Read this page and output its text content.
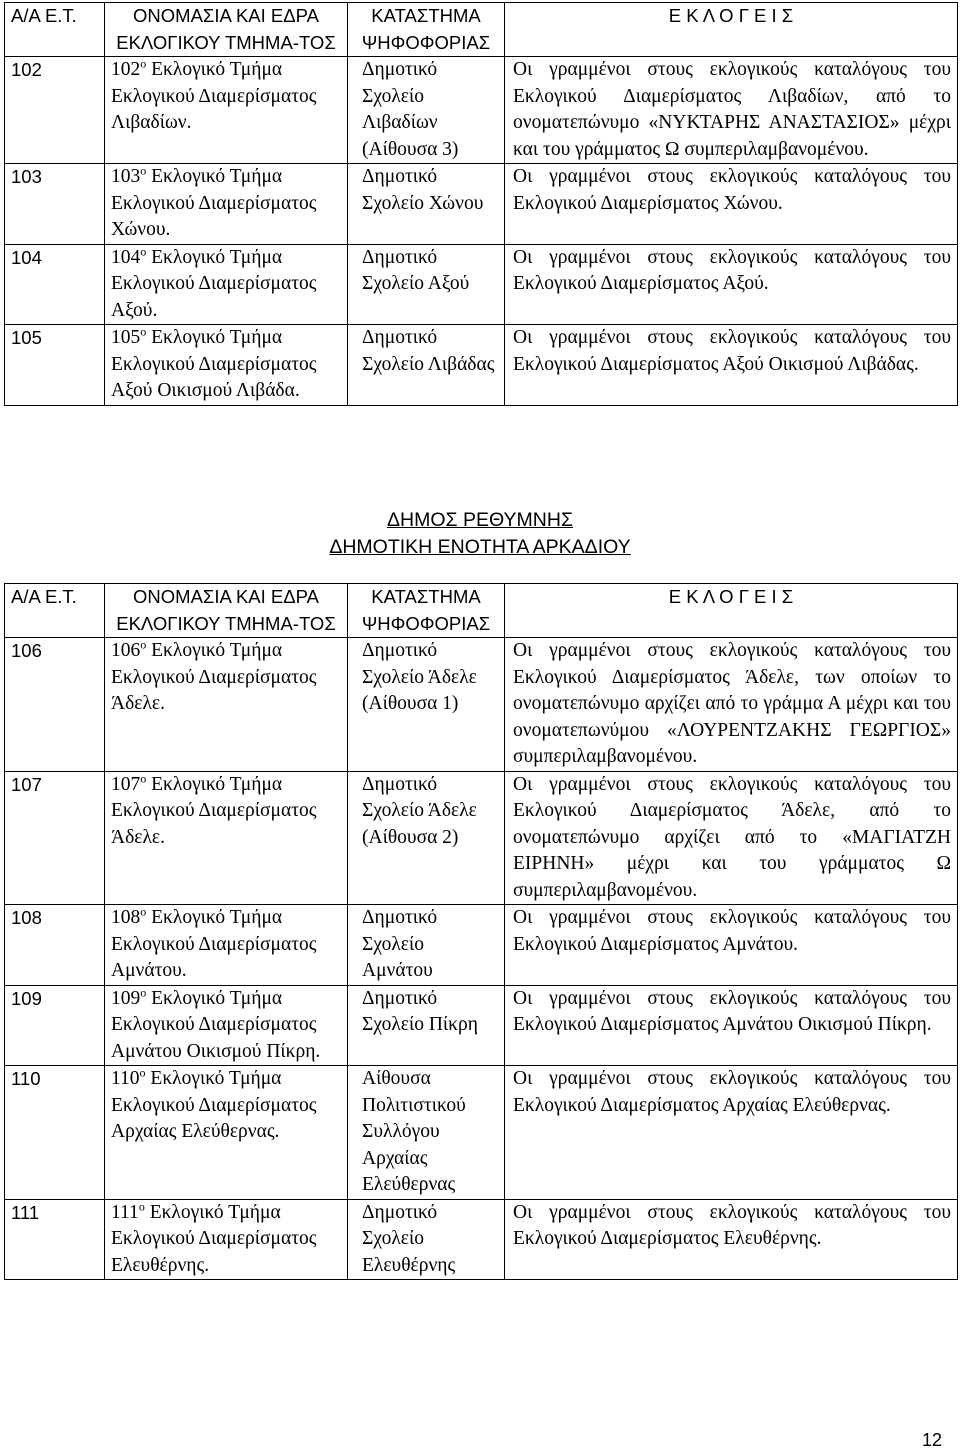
Α/Α Ε.Τ.	ΟΝΟΜΑΣΙΑ ΚΑΙ ΕΔΡΑ ΕΚΛΟΓΙΚΟΥ ΤΜΗΜΑ-ΤΟΣ	ΚΑΤΑΣΤΗΜΑ ΨΗΦΟΦΟΡΙΑΣ	Ε Κ Λ Ο Γ Ε Ι Σ
102	$102^o$ Εκλογικό Τμήμα Εκλογικού Διαμερίσματος Λιβαδίων.	Δημοτικό Σχολείο Λιβαδίων (Αίθουσα 3)	Οι γραμμένοι στους εκλογικούς καταλόγους του Εκλογικού Διαμερίσματος Λιβαδίων, από το ονοματεπώνυμο «ΝΥΚΤΑΡΗΣ ΑΝΑΣΤΑΣΙΟΣ» μέχρι και του γράμματος Ω συμπεριλαμβανομένου.
103	$103^o$ Εκλογικό Τμήμα Εκλογικού Διαμερίσματος Χώνου.	Δημοτικό Σχολείο Χώνου	Οι γραμμένοι στους εκλογικούς καταλόγους του Εκλογικού Διαμερίσματος Χώνου.
104	$104^o$ Εκλογικό Τμήμα Εκλογικού Διαμερίσματος Αξού.	Δημοτικό Σχολείο Αξού	Οι γραμμένοι στους εκλογικούς καταλόγους του Εκλογικού Διαμερίσματος Αξού.
105	$105^o$ Εκλογικό Τμήμα Εκλογικού Διαμερίσματος Αξού Οικισμού Λιβάδα.	Δημοτικό Σχολείο Λιβάδας	Οι γραμμένοι στους εκλογικούς καταλόγους του Εκλογικού Διαμερίσματος Αξού Οικισμού Λιβάδας.
ΔΗΜΟΣ ΡΕΘΥΜΝΗΣ
ΔΗΜΟΤΙΚΗ ΕΝΟΤΗΤΑ ΑΡΚΑΔΙΟΥ
Α/Α Ε.Τ.	ΟΝΟΜΑΣΙΑ ΚΑΙ ΕΔΡΑ ΕΚΛΟΓΙΚΟΥ ΤΜΗΜΑ-ΤΟΣ	ΚΑΤΑΣΤΗΜΑ ΨΗΦΟΦΟΡΙΑΣ	Ε Κ Λ Ο Γ Ε Ι Σ
106	$106^o$ Εκλογικό Τμήμα Εκλογικού Διαμερίσματος Άδελε.	Δημοτικό Σχολείο Άδελε (Αίθουσα 1)	Οι γραμμένοι στους εκλογικούς καταλόγους του Εκλογικού Διαμερίσματος Άδελε, των οποίων το ονοματεπώνυμο αρχίζει από το γράμμα Α μέχρι και του ονοματεπωνύμου «ΛΟΥΡΕΝΤΖΑΚΗΣ ΓΕΩΡΓΙΟΣ» συμπεριλαμβανομένου.
107	$107^o$ Εκλογικό Τμήμα Εκλογικού Διαμερίσματος Άδελε.	Δημοτικό Σχολείο Άδελε (Αίθουσα 2)	Οι γραμμένοι στους εκλογικούς καταλόγους του Εκλογικού Διαμερίσματος Άδελε, από το ονοματεπώνυμο αρχίζει από το «ΜΑΓΙΑΤΖΗ ΕΙΡΗΝΗ» μέχρι και του γράμματος Ω συμπεριλαμβανομένου.
108	$108^o$ Εκλογικό Τμήμα Εκλογικού Διαμερίσματος Αμνάτου.	Δημοτικό Σχολείο Αμνάτου	Οι γραμμένοι στους εκλογικούς καταλόγους του Εκλογικού Διαμερίσματος Αμνάτου.
109	$109^o$ Εκλογικό Τμήμα Εκλογικού Διαμερίσματος Αμνάτου Οικισμού Πίκρη.	Δημοτικό Σχολείο Πίκρη	Οι γραμμένοι στους εκλογικούς καταλόγους του Εκλογικού Διαμερίσματος Αμνάτου Οικισμού Πίκρη.
110	$110^o$ Εκλογικό Τμήμα Εκλογικού Διαμερίσματος Αρχαίας Ελεύθερνας.	Αίθουσα Πολιτιστικού Συλλόγου Αρχαίας Ελεύθερνας	Οι γραμμένοι στους εκλογικούς καταλόγους του Εκλογικού Διαμερίσματος Αρχαίας Ελεύθερνας.
111	$111^o$ Εκλογικό Τμήμα Εκλογικού Διαμερίσματος Ελευθέρνης.	Δημοτικό Σχολείο Ελευθέρνης	Οι γραμμένοι στους εκλογικούς καταλόγους του Εκλογικού Διαμερίσματος Ελευθέρνης.
12
